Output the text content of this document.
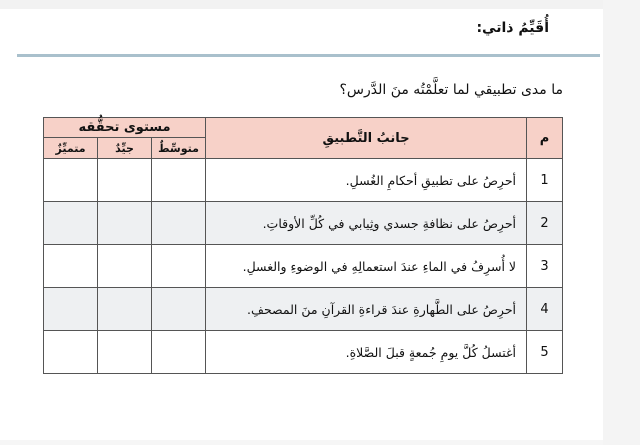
أُقَيِّمُ ذاتي:
ما مدى تطبيقي لما تعلَّمْتُه منَ الدَّرس؟
م	جانبُ التَّطبيقِ	مستوى تحقُّقه		
		متوسِّطٌ	جيِّدٌ	متميِّزٌ
1	أحرِصُ على تطبيقِ أحكامِ الغُسلِ.			
2	أحرِصُ على نظافةِ جسدي وثِيابي في كُلِّ الأوقاتِ.			
3	لا أُسرِفُ في الماءِ عندَ استعمالِهِ في الوضوءِ والغسلِ.			
4	أحرِصُ على الطَّهارةِ عندَ قراءةِ القرآنِ منَ المصحفِ.			
5	أغتسلُ كُلَّ يومِ جُمعةٍ قبلَ الصَّلاةِ.			
